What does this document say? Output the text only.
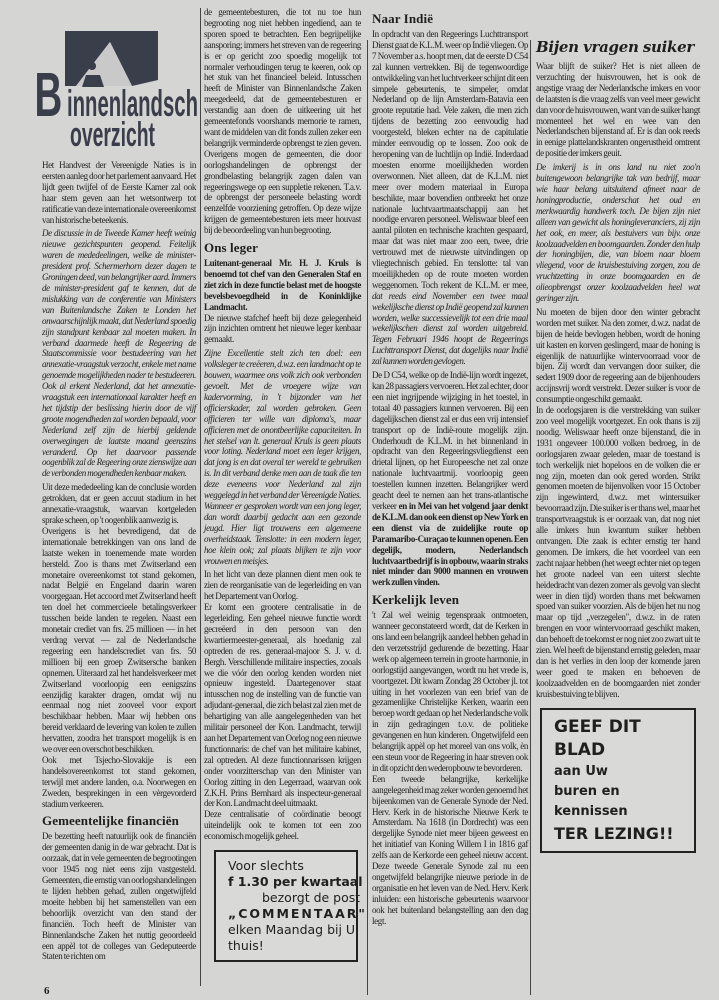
B innenlandsch
overzicht

Het Handvest der Vereenigde Naties is in eersten aanleg door het parlement aanvaard. Het lijdt geen twijfel of de Eerste Kamer zal ook haar stem geven aan het wetsontwerp tot ratificatie van deze internationale overeenkomst van historische beteekenis.

De discussie in de Tweede Kamer heeft weinig nieuwe gezichtspunten geopend. Feitelijk waren de mededeelingen, welke de minister-president prof. Schermerhorn dezer dagen te Groningen deed, van belangrijker aard. Immers de minister-president gaf te kennen, dat de mislukking van de conferentie van Ministers van Buitenlandsche Zaken te Londen het onwaarschijnlijk maakt, dat Nederland spoedig zijn standpunt kenbaar zal moeten maken. In verband daarmede heeft de Regeering de Staatscommissie voor bestudeering van het annexatie-vraagstuk verzocht, enkele met name genoemde mogelijkheden nader te bestudeeren. Ook al erkent Nederland, dat het annexatie-vraagstuk een internationaal karakter heeft en het tijdstip der beslissing hierin door de vijf groote mogendheden zal worden bepaald, voor Nederland zelf zijn de hierbij geldende overwegingen de laatste maand geenszins veranderd. Op het daarvoor passende oogenblik zal de Regeering onze zienswijze aan de verbonden mogendheden kenbaar maken.

Uit deze mededeeling kan de conclusie worden getrokken, dat er geen accuut stadium in het annexatie-vraagstuk, waarvan kortgeleden sprake scheen, op 't oogenblik aanwezig is.

Overigens is het bevredigend, dat de internationale betrekkingen van ons land de laatste weken in toenemende mate worden hersteld. Zoo is thans met Zwitserland een monetaire overeenkomst tot stand gekomen, nadat België en Engeland daarin waren voorgegaan. Het accoord met Zwitserland heeft ten doel het commercieele betalingsverkeer tusschen beide landen te regelen. Naast een monetair crediet van frs. 25 millioen — in het verdrag vervat — zal de Nederlandsche regeering een handelscrediet van frs. 50 millioen bij een groep Zwitsersche banken opnemen. Uiteraard zal het handelsverkeer met Zwitserland voorloopig een eenigszins eenzijdig karakter dragen, omdat wij nu eenmaal nog niet zooveel voor export beschikbaar hebben. Maar wij hebben ons bereid verklaard de levering van kolen te zullen hervatten, zoodra het transport mogelijk is en we over een overschot beschikken.

Ook met Tsjecho-Slovakije is een handelsovereenkomst tot stand gekomen, terwijl met andere landen, o.a. Noorwegen en Zweden, besprekingen in een vèrgevorderd stadium verkeeren.

Gemeentelijke financiën

De bezetting heeft natuurlijk ook de financiën der gemeenten danig in de war gebracht. Dat is oorzaak, dat in vele gemeenten de begrootingen voor 1945 nog niet eens zijn vastgesteld. Gemeenten, die ernstig van oorlogshandelingen te lijden hebben gehad, zullen ongetwijfeld moeite hebben bij het samenstellen van een behoorlijk overzicht van den stand der financiën. Toch heeft de Minister van Binnenlandsche Zaken het nuttig geoordeeld een appèl tot de colleges van Gedeputeerde Staten te richten om

de gemeentebesturen, die tot nu toe hun begrooting nog niet hebben ingediend, aan te sporen spoed te betrachten. Een begrijpelijke aansporing; immers het streven van de regeering is er op gericht zoo spoedig mogelijk tot normaler verhoudingen terug te keeren, ook op het stuk van het financieel beleid. Intusschen heeft de Minister van Binnenlandsche Zaken meegedeeld, dat de gemeentebesturen er verstandig aan doen de uitkeering uit het gemeentefonds voorshands memorie te ramen, want de middelen van dit fonds zullen zeker een belangrijk verminderde opbrengst te zien geven. Overigens mogen de gemeenten, die door oorlogshandelingen de opbrengst der grondbelasting belangrijk zagen dalen van regeeringswege op een suppletie rekenen. T.a.v. de opbrengst der personeele belasting wordt eenzelfde voorziening getroffen. Op deze wijze krijgen de gemeentebesturen iets meer houvast bij de beoordeeling van hun begrooting.

Ons leger

Luitenant-generaal Mr. H. J. Kruls is benoemd tot chef van den Generalen Staf en ziet zich in deze functie belast met de hoogste bevelsbevoegdheid in de Koninklijke Landmacht.

De nieuwe stafchef heeft bij deze gelegenheid zijn inzichten omtrent het nieuwe leger kenbaar gemaakt.

Zijne Excellentie stelt zich ten doel: een volksleger te creëeren, d.w.z. een landmacht op te bouwen, waarmee ons volk zich ook verbonden gevoelt. Met de vroegere wijze van kadervorming, in 't bijzonder van het officierskader, zal worden gebroken. Geen officieren ter wille van diploma's, maar officieren met de onontbeerlijke capaciteiten. In het stelsel van lt. generaal Kruls is geen plaats voor loting. Nederland moet een leger krijgen, dat jong is en dat overal ter wereld te gebruiken is. In dit verband denke men aan de taak die ten deze eveneens voor Nederland zal zijn weggelegd in het verband der Vereenigde Naties. Wanneer er gesproken wordt van een jong leger, dan wordt daarbij gedacht aan een gezonde jeugd. Hier ligt trouwens een algemeene overheidstaak. Tenslotte: in een modern leger, hoe klein ook; zal plaats blijken te zijn voor vrouwen en meisjes.

In het licht van deze plannen dient men ook te zien de reorganisatie van de legerleiding en van het Departement van Oorlog.

Er komt een grootere centralisatie in de legerleiding. Een geheel nieuwe functie wordt gecreëerd in den persoon van den kwartiermeester-generaal, als hoedanig zal optreden de res. generaal-majoor S. J. v. d. Bergh. Verschillende militaire inspecties, zooals we die vóór den oorlog kenden worden niet opnieuw ingesteld. Daartegenover staat intusschen nog de instelling van de functie van adjudant-generaal, die zich belast zal zien met de behartiging van alle aangelegenheden van het militair personeel der Kon. Landmacht, terwijl aan het Departement van Oorlog nog een nieuwe functionnaris: de chef van het militaire kabinet, zal optreden. Al deze functionnarissen krijgen onder voorzitterschap van den Minister van Oorlog zitting in den Legerraad, waarvan ook Z.K.H. Prins Bernhard als inspecteur-generaal der Kon. Landmacht deel uitmaakt.

Deze centralisatie of coördinatie beoogt uiteindelijk ook te komen tot een zoo economisch mogelijk geheel.

Voor slechts
f 1.30 per kwartaal
bezorgt de post
„COMMENTAAR"
elken Maandag bij U
thuis!
Naar Indië

In opdracht van den Regeerings Luchttransport Dienst gaat de K.L.M. weer op Indië vliegen. Op 7 November a.s. hoopt men, dat de eerste D C54 zal kunnen vertrekken. Bij de tegenwoordige ontwikkeling van het luchtverkeer schijnt dit een simpele gebeurtenis, te simpeler, omdat Nederland op de lijn Amsterdam-Batavia een groote reputatie had. Vele zaken, die men zich tijdens de bezetting zoo eenvoudig had voorgesteld, bleken echter na de capitulatie minder eenvoudig op te lossen. Zoo ook de heropening van de luchtlijn op Indië. Inderdaad moesten enorme moeilijkheden worden overwonnen. Niet alleen, dat de K.L.M. niet meer over modern materiaal in Europa beschikte, maar bovendien ontbreekt het onze nationale luchtvaartmaatschappij aan het noodige ervaren personeel. Weliswaar bleef een aantal piloten en technische krachten gespaard, maar dat was niet maar zoo een, twee, drie vertrouwd met de nieuwste uitvindingen op vliegtechnisch gebied. En tenslotte: tal van moeilijkheden op de route moeten worden weggenomen. Toch rekent de K.L.M. er mee, dat reeds eind November een twee maal wekelijksche dienst op Indië geopend zal kunnen worden, welke successievelijk tot een drie maal wekelijkschen dienst zal worden uitgebreid. Tegen Februari 1946 hoopt de Regeerings Luchttransport Dienst, dat dagelijks naar Indië zal kunnen worden gevlogen.

De D C54, welke op de Indië-lijn wordt ingezet, kan 28 passagiers vervoeren. Het zal echter, door een niet ingrijpende wijziging in het toestel, in totaal 40 passagiers kunnen vervoeren. Bij een dagelijkschen dienst zal er dus een vrij intensief transport op de Indië-route mogelijk zijn. Onderhoudt de K.L.M. in het binnenland in opdracht van den Regeeringsvliegdienst een drietal lijnen, op het Europeesche net zal onze nationale luchtvaartmij. voorloopig geen toestellen kunnen inzetten. Belangrijker werd geacht deel te nemen aan het trans-atlantische verkeer en in Mei van het volgend jaar denkt de K.L.M. dan ook een dienst op New York en een dienst via de zuidelijke route op Paramaribo-Curaçao te kunnen openen. Een degelijk, modern, Nederlandsch luchtvaartbedrijf is in opbouw, waarin straks niet minder dan 9000 mannen en vrouwen werk zullen vinden.

Kerkelijk leven

't Zal wel weinig tegenspraak ontmoeten, wanneer geconstateerd wordt, dat de Kerken in ons land een belangrijk aandeel hebben gehad in den verzetsstrijd gedurende de bezetting. Haar werk op algemeen terrein in groote harmonie, in oorlogstijd aangevangen, wordt nu het vrede is, voortgezet. Dit kwam Zondag 28 October jl. tot uiting in het voorlezen van een brief van de gezamenlijke Christelijke Kerken, waarin een beroep wordt gedaan op het Nederlandsche volk in zijn gedragingen t.o.v. de politieke gevangenen en hun kinderen. Ongetwijfeld een belangrijk appèl op het moreel van ons volk, èn een steun voor de Regeering in haar streven ook in dit opzicht den wederopbouw te bevorderen.

Een tweede belangrijke, kerkelijke aangelegenheid mag zeker worden genoemd het bijeenkomen van de Generale Synode der Ned. Herv. Kerk in de historische Nieuwe Kerk te Amsterdam. Na 1618 (in Dordrecht) was een dergelijke Synode niet meer bijeen geweest en het initiatief van Koning Willem I in 1816 gaf zelfs aan de Kerkorde een geheel nieuw accent. Deze tweede Generale Synode zal nu een ongetwijfeld belangrijke nieuwe periode in de organisatie en het leven van de Ned. Herv. Kerk inluiden: een historische gebeurtenis waarvoor ook het buitenland belangstelling aan den dag legt.

Bijen vragen suiker

Waar blijft de suiker? Het is niet alleen de verzuchting der huisvrouwen, het is ook de angstige vraag der Nederlandsche imkers en voor de laatsten is die vraag zelfs van veel meer gewicht dan voor de huisvrouwen, want van de suiker hangt momenteel het wel en wee van den Nederlandschen bijenstand af. Er is dan ook reeds in eenige plattelandskranten ongerustheid omtrent de positie der imkers geuit.

De imkerij is in ons land nu niet zoo'n buitengewoon belangrijke tak van bedrijf, maar wie haar belang uitsluitend afmeet naar de honingproductie, onderschat het oud en merkwaardig handwerk toch. De bijen zijn niet alleen van gewicht als honingleveranciers, zij zijn het ook, en meer, als bestuivers van bijv. onze koolzaadvelden en boomgaarden. Zonder den hulp der honingbijen, die, van bloem naar bloem vliegend, voor de kruisbestuiving zorgen, zou de vruchtzetting in onze boomgaarden en de olieopbrengst onzer koolzaadvelden heel wat geringer zijn.

Nu moeten de bijen door den winter gebracht worden met suiker. Na den zomer, d.w.z. nadat de bijen de heide bevlogen hebben, wordt de honing uit kasten en korven geslingerd, maar de honing is eigenlijk de natuurlijke wintervoorraad voor de bijen. Zij wordt dan vervangen door suiker, die sedert 1909 door de regeering aan de bijenhouders accijnsvrij wordt verstrekt. Dezer suiker is voor de consumptie ongeschikt gemaakt.

In de oorlogsjaren is die verstrekking van suiker zoo veel mogelijk voortgezet. En ook thans is zij noodig. Weliswaar heeft onze bijenstand, die in 1931 ongeveer 100.000 volken bedroeg, in de oorlogsjaren zwaar geleden, maar de toestand is toch werkelijk niet hopeloos en de volken die er nog zijn, moeten dan ook gered worden. Strikt genomen moeten de bijenvolken voor 15 October zijn ingewinterd, d.w.z. met wintersuiker bevoorraad zijn. Die suiker is er thans wel, maar het transportvraagstuk is er oorzaak van, dat nog niet alle imkers hun kwantum suiker hebben ontvangen. Die zaak is echter ernstig ter hand genomen. De imkers, die het voordeel van een zacht najaar hebben (het weegt echter niet op tegen het groote nadeel van een uiterst slechte heidedracht van dezen zomer als gevolg van slecht weer in dien tijd) worden thans met bekwamen spoed van suiker voorzien. Als de bijen het nu nog maar op tijd „verzegelen", d.w.z. in de raten brengen en voor wintervoorraad geschikt maken, dan behoeft de toekomst er nog niet zoo zwart uit te zien. Wel heeft de bijenstand ernstig geleden, maar dan is het verlies in den loop der komende jaren weer goed te maken en behoeven de koolzaadvelden en de boomgaarden niet zonder kruisbestuiving te blijven.

GEEF DIT BLAD
aan Uw
buren en kennissen
TER LEZING!!
6
